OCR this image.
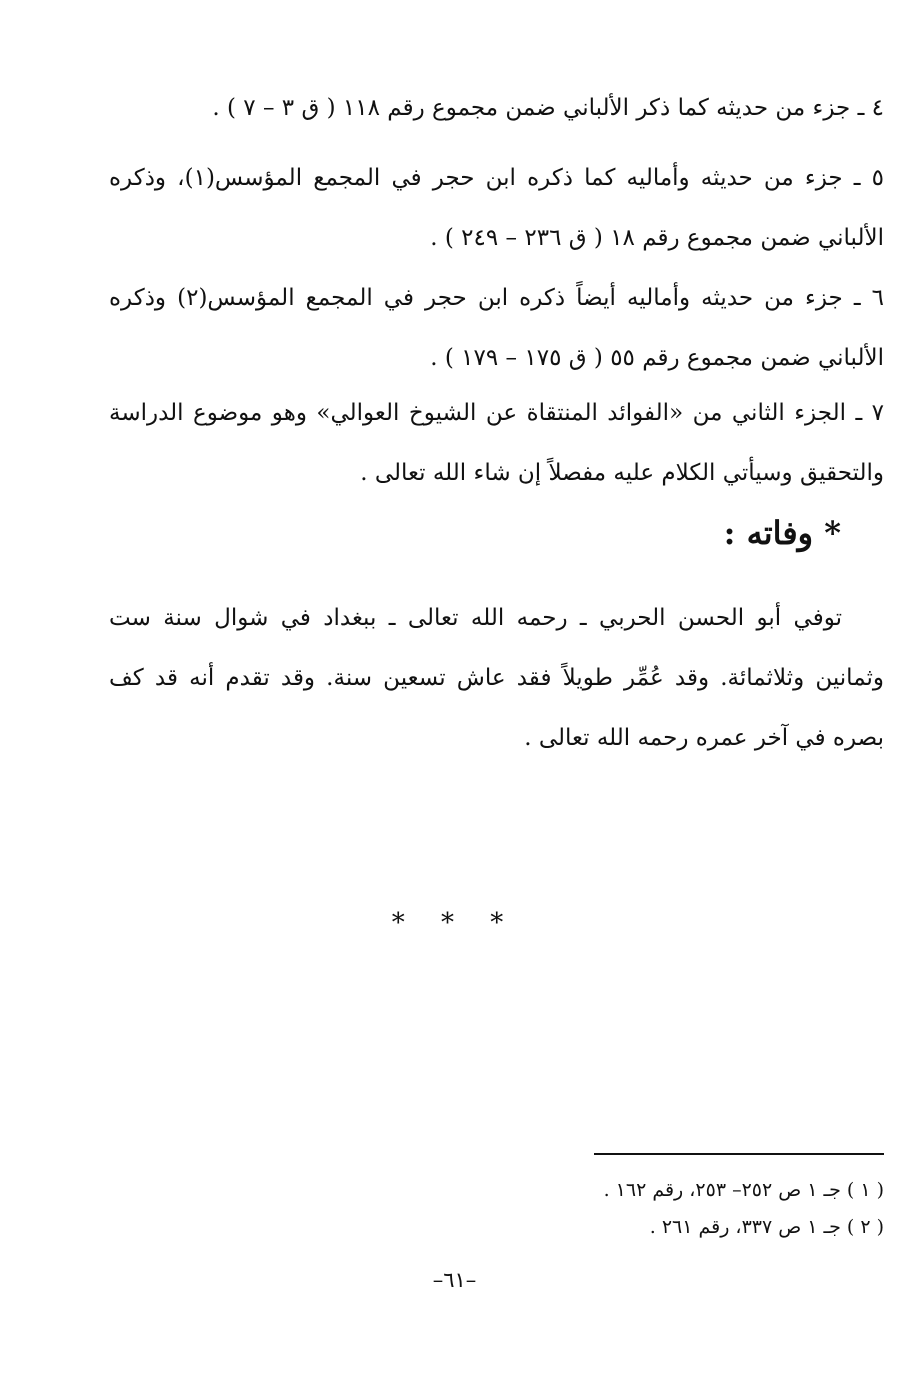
٤ ـ جزء من حديثه كما ذكر الألباني ضمن مجموع رقم ١١٨ ( ق ٣ – ٧ ) .

٥ ـ جزء من حديثه وأماليه كما ذكره ابن حجر في المجمع المؤسس(١)، وذكره الألباني ضمن مجموع رقم ١٨ ( ق ٢٣٦ – ٢٤٩ ) .

٦ ـ جزء من حديثه وأماليه أيضاً ذكره ابن حجر في المجمع المؤسس(٢) وذكره الألباني ضمن مجموع رقم ٥٥ ( ق ١٧٥ – ١٧٩ ) .

٧ ـ الجزء الثاني من «الفوائد المنتقاة عن الشيوخ العوالي» وهو موضوع الدراسة والتحقيق وسيأتي الكلام عليه مفصلاً إن شاء الله تعالى .

* وفاته :

توفي أبو الحسن الحربي ـ رحمه الله تعالى ـ ببغداد في شوال سنة ست وثمانين وثلاثمائة. وقد عُمِّر طويلاً فقد عاش تسعين سنة. وقد تقدم أنه قد كف بصره في آخر عمره رحمه الله تعالى .

* * *

( ١ ) جـ ١ ص ٢٥٢– ٢٥٣، رقم ١٦٢ .

( ٢ ) جـ ١ ص ٣٣٧، رقم ٢٦١ .

–٦١–
